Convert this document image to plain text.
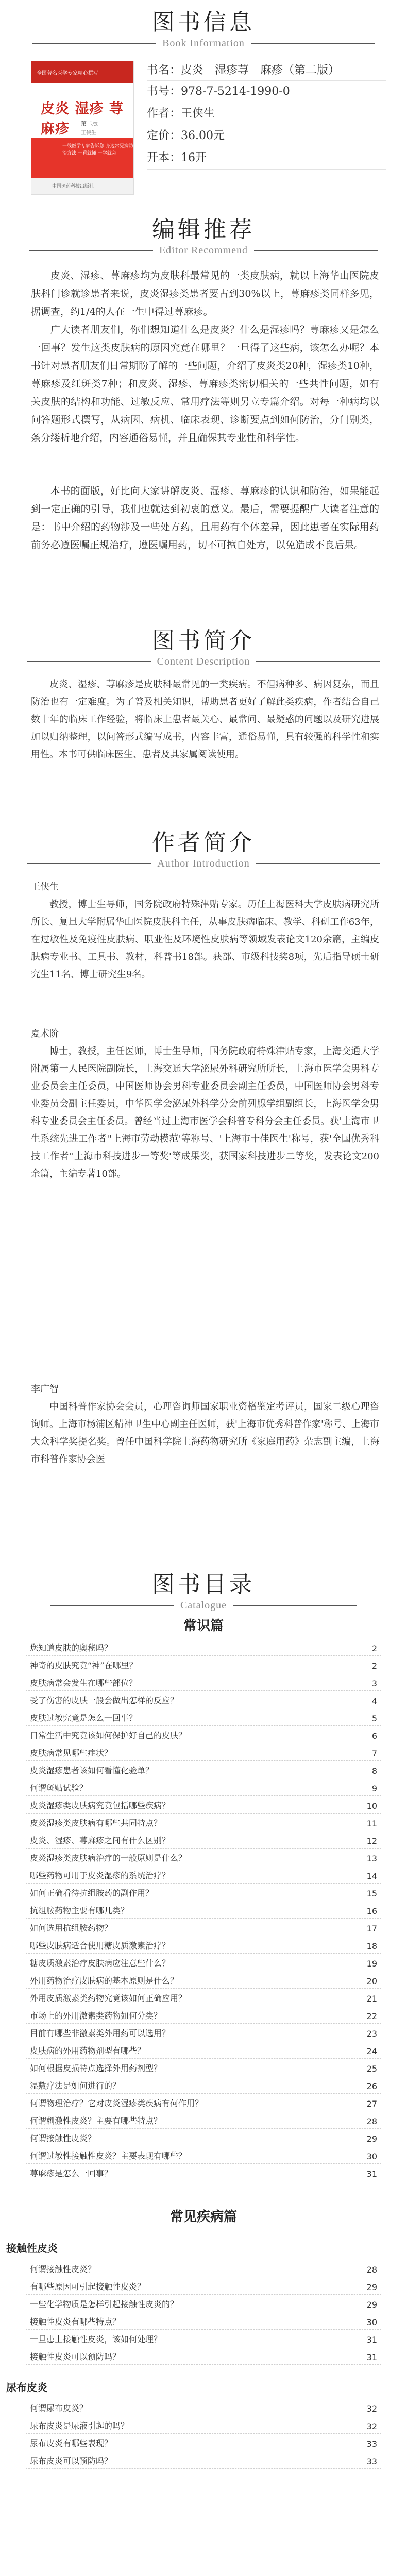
图书信息
Book Information
全国著名医学专家精心撰写
皮炎 湿疹 荨麻疹	第二版
王侠生
一线医学专家告诉您 身边常见病防治方法 一看就懂 一学就会
中国医药科技出版社
书名：皮炎　湿疹荨　麻疹（第二版）
书号：978-7-5214-1990-0
作者：王侠生
定价：36.00元
开本：16开
编辑推荐
Editor Recommend
皮炎、湿疹、荨麻疹均为皮肤科最常见的一类皮肤病，就以上海华山医院皮肤科门诊就诊患者来说，皮炎湿疹类患者要占到30%以上，荨麻疹类同样多见，据调查，约1/4的人在一生中得过荨麻疹。
广大读者朋友们，你们想知道什么是皮炎？什么是湿疹吗？荨麻疹又是怎么一回事？发生这类皮肤病的原因究竟在哪里？一旦得了这些病，该怎么办呢？本书针对患者朋友们日常期盼了解的一些问题，介绍了皮炎类20种，湿疹类10种，荨麻疹及红斑类7种；和皮炎、湿疹、荨麻疹类密切相关的一些共性问题，如有关皮肤的结构和功能、过敏反应、常用疗法等则另立专篇介绍。对每一种病均以问答题形式撰写，从病因、病机、临床表现、诊断要点到如何防治，分门别类，条分缕析地介绍，内容通俗易懂，并且确保其专业性和科学性。
本书的面版，好比向大家讲解皮炎、湿疹、荨麻疹的认识和防治，如果能起到一定正确的引导，我们也就达到初衷的意义。最后，需要提醒广大读者注意的是：书中介绍的药物涉及一些处方药，且用药有个体差异，因此患者在实际用药前务必遵医嘱正规治疗，遵医嘱用药，切不可擅自处方，以免造成不良后果。
图书简介
Content Description
皮炎、湿疹、荨麻疹是皮肤科最常见的一类疾病。不但病种多、病因复杂，而且防治也有一定难度。为了普及相关知识，帮助患者更好了解此类疾病，作者结合自己数十年的临床工作经验，将临床上患者最关心、最常问、最疑惑的问题以及研究进展加以归纳整理，以问答形式编写成书，内容丰富，通俗易懂，具有较强的科学性和实用性。本书可供临床医生、患者及其家属阅读使用。
作者简介
Author Introduction
王侠生
教授，博士生导师，国务院政府特殊津贴专家。历任上海医科大学皮肤病研究所所长、复旦大学附属华山医院皮肤科主任，从事皮肤病临床、教学、科研工作63年，在过敏性及免疫性皮肤病、职业性及环境性皮肤病等领域发表论文120余篇，主编皮肤病专业书、工具书、教材，科普书18部。获部、市级科技奖8项，先后指导硕士研究生11名、博士研究生9名。
夏术阶
博士，教授，主任医师，博士生导师，国务院政府特殊津贴专家，上海交通大学附属第一人民医院副院长，上海交通大学泌尿外科研究所所长，上海市医学会男科专业委员会主任委员，中国医师协会男科专业委员会副主任委员，中国医师协会男科专业委员会副主任委员，中华医学会泌尿外科学分会前列腺学组副组长，上海医学会男科专业委员会主任委员。曾经当过上海市医学会科普专科分会主任委员。获'上海市卫生系统先进工作者''上海市劳动模范'等称号、'上海市十佳医生'称号，获'全国优秀科技工作者''上海市科技进步一等奖'等成果奖，获国家科技进步二等奖，发表论文200余篇，主编专著10部。
李广智
中国科普作家协会会员，心理咨询师国家职业资格鉴定考评员，国家二级心理咨询师。上海市杨浦区精神卫生中心副主任医师，获'上海市优秀科普作家'称号、上海市大众科学奖提名奖。曾任中国科学院上海药物研究所《家庭用药》杂志副主编，上海市科普作家协会医
图书目录
Catalogue
常识篇
您知道皮肤的奥秘吗？	2
神奇的皮肤究竟“神”在哪里？	2
皮肤病常会发生在哪些部位？	3
受了伤害的皮肤一般会做出怎样的反应？	4
皮肤过敏究竟是怎么一回事？	5
日常生活中究竟该如何保护好自己的皮肤？	6
皮肤病常见哪些症状？	7
皮炎湿疹患者该如何看懂化验单？	8
何谓斑贴试验？	9
皮炎湿疹类皮肤病究竟包括哪些疾病？	10
皮炎湿疹类皮肤病有哪些共同特点？	11
皮炎、湿疹、荨麻疹之间有什么区别？	12
皮炎湿疹类皮肤病治疗的一般原则是什么？	13
哪些药物可用于皮炎湿疹的系统治疗？	14
如何正确看待抗组胺药的副作用？	15
抗组胺药物主要有哪几类？	16
如何选用抗组胺药物？	17
哪些皮肤病适合使用糖皮质激素治疗？	18
糖皮质激素治疗皮肤病应注意些什么？	19
外用药物治疗皮肤病的基本原则是什么？	20
外用皮质激素类药物究竟该如何正确应用？	21
市场上的外用激素类药物如何分类？	22
目前有哪些非激素类外用药可以选用？	23
皮肤病的外用药物剂型有哪些？	24
如何根据皮损特点选择外用药剂型？	25
湿敷疗法是如何进行的？	26
何谓物理治疗？它对皮炎湿疹类疾病有何作用？	27
何谓刺激性皮炎？主要有哪些特点？	28
何谓接触性皮炎？	29
何谓过敏性接触性皮炎？主要表现有哪些？	30
荨麻疹是怎么一回事？	31
常见疾病篇
接触性皮炎
何谓接触性皮炎？	28
有哪些原因可引起接触性皮炎？	29
一些化学物质是怎样引起接触性皮炎的？	29
接触性皮炎有哪些特点？	30
一旦患上接触性皮炎，该如何处理？	31
接触性皮炎可以预防吗？	31
尿布皮炎
何谓尿布皮炎？	32
尿布皮炎是尿液引起的吗？	32
尿布皮炎有哪些表现？	33
尿布皮炎可以预防吗？	33
